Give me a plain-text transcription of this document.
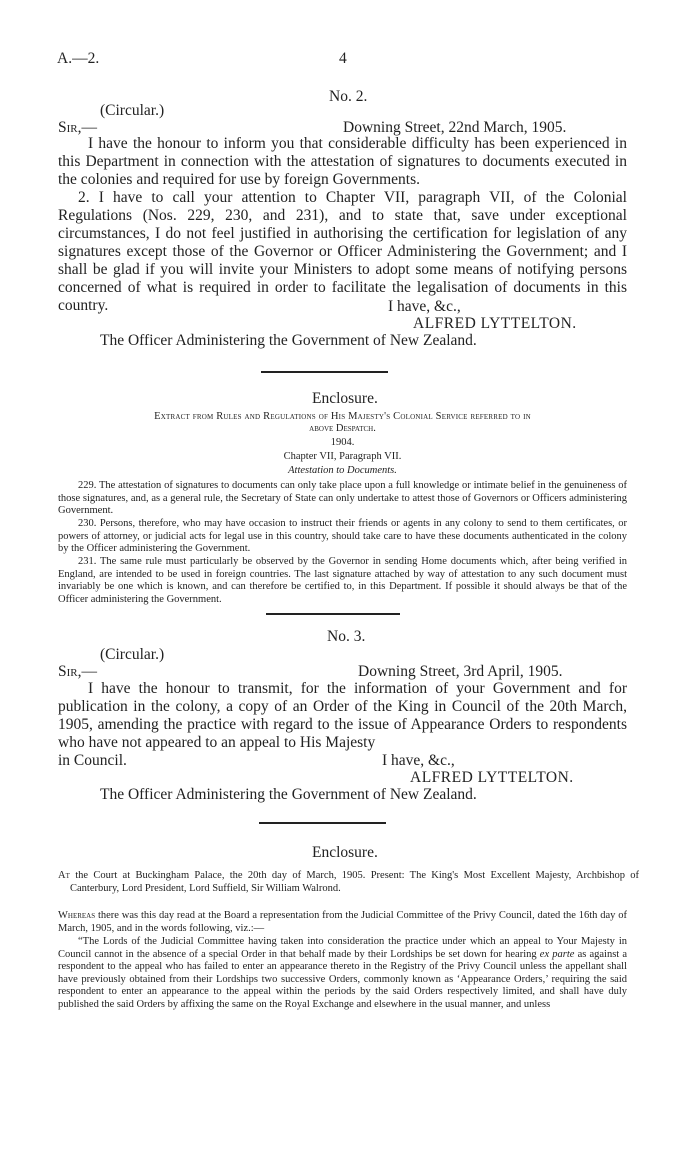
A.—2.	4
No. 2.
(Circular.)
Sir,—	Downing Street, 22nd March, 1905.

I have the honour to inform you that considerable difficulty has been experienced in this Department in connection with the attestation of signatures to documents executed in the colonies and required for use by foreign Governments.

2. I have to call your attention to Chapter VII, paragraph VII, of the Colonial Regulations (Nos. 229, 230, and 231), and to state that, save under exceptional circumstances, I do not feel justified in authorising the certification for legislation of any signatures except those of the Governor or Officer Administering the Government; and I shall be glad if you will invite your Ministers to adopt some means of notifying persons concerned of what is required in order to facilitate the legalisation of documents in this country.	I have, &c.,
ALFRED LYTTELTON.
The Officer Administering the Government of New Zealand.
Enclosure.
Extract from Rules and Regulations of His Majesty's Colonial Service referred to in
above Despatch.
1904.
Chapter VII, Paragraph VII.
Attestation to Documents.

229. The attestation of signatures to documents can only take place upon a full knowledge or intimate belief in the genuineness of those signatures, and, as a general rule, the Secretary of State can only undertake to attest those of Governors or Officers administering Government.

230. Persons, therefore, who may have occasion to instruct their friends or agents in any colony to send to them certificates, or powers of attorney, or judicial acts for legal use in this country, should take care to have these documents authenticated in the colony by the Officer administering the Government.

231. The same rule must particularly be observed by the Governor in sending Home documents which, after being verified in England, are intended to be used in foreign countries. The last signature attached by way of attestation to any such document must invariably be one which is known, and can therefore be certified to, in this Department. If possible it should always be that of the Officer administering the Government.

No. 3.
(Circular.)
Sir,—	Downing Street, 3rd April, 1905.

I have the honour to transmit, for the information of your Government and for publication in the colony, a copy of an Order of the King in Council of the 20th March, 1905, amending the practice with regard to the issue of Appearance Orders to respondents who have not appeared to an appeal to His Majesty

in Council.	I have, &c.,
ALFRED LYTTELTON.
The Officer Administering the Government of New Zealand.
Enclosure.

At the Court at Buckingham Palace, the 20th day of March, 1905. Present: The King's Most Excellent Majesty, Archbishop of Canterbury, Lord President, Lord Suffield, Sir William Walrond.

Whereas there was this day read at the Board a representation from the Judicial Committee of the Privy Council, dated the 16th day of March, 1905, and in the words following, viz.:—

“The Lords of the Judicial Committee having taken into consideration the practice under which an appeal to Your Majesty in Council cannot in the absence of a special Order in that behalf made by their Lordships be set down for hearing ex parte as against a respondent to the appeal who has failed to enter an appearance thereto in the Registry of the Privy Council unless the appellant shall have previously obtained from their Lordships two successive Orders, commonly known as ‘Appearance Orders,’ requiring the said respondent to enter an appearance to the appeal within the periods by the said Orders respectively limited, and shall have duly published the said Orders by affixing the same on the Royal Exchange and elsewhere in the usual manner, and unless
